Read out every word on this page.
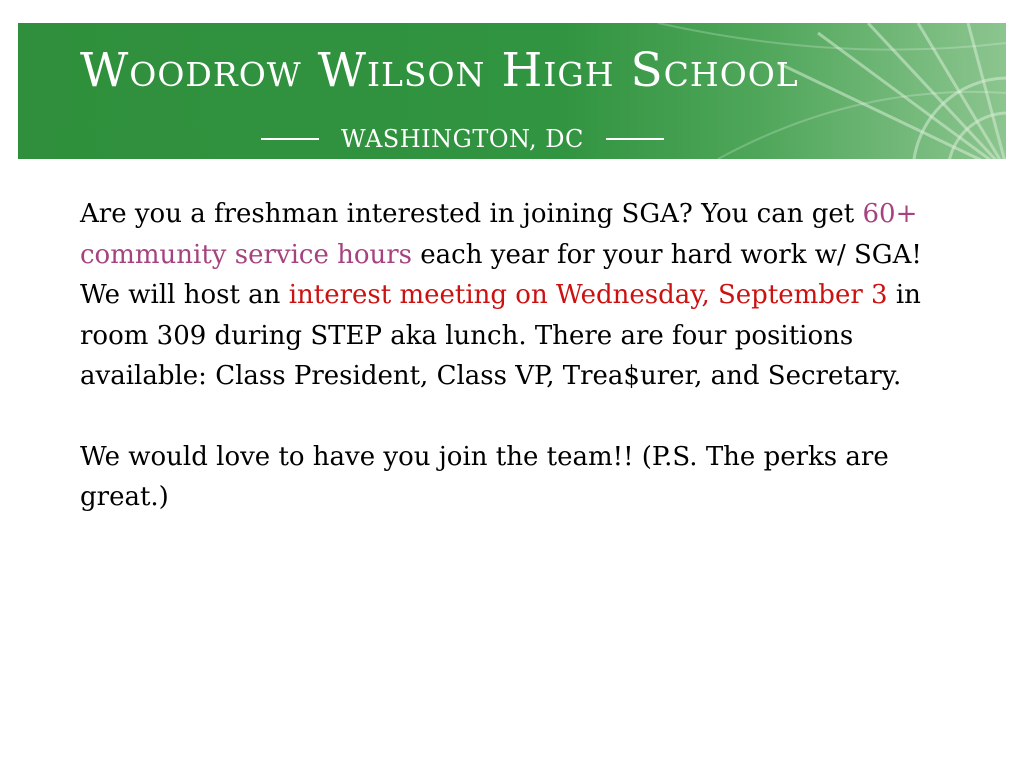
Woodrow Wilson High School
WASHINGTON, DC

Are you a freshman interested in joining SGA? You can get 60+ community service hours each year for your hard work w/ SGA! We will host an interest meeting on Wednesday, September 3 in room 309 during STEP aka lunch. There are four positions available: Class President, Class VP, Trea$urer, and Secretary.

We would love to have you join the team!! (P.S. The perks are great.)
